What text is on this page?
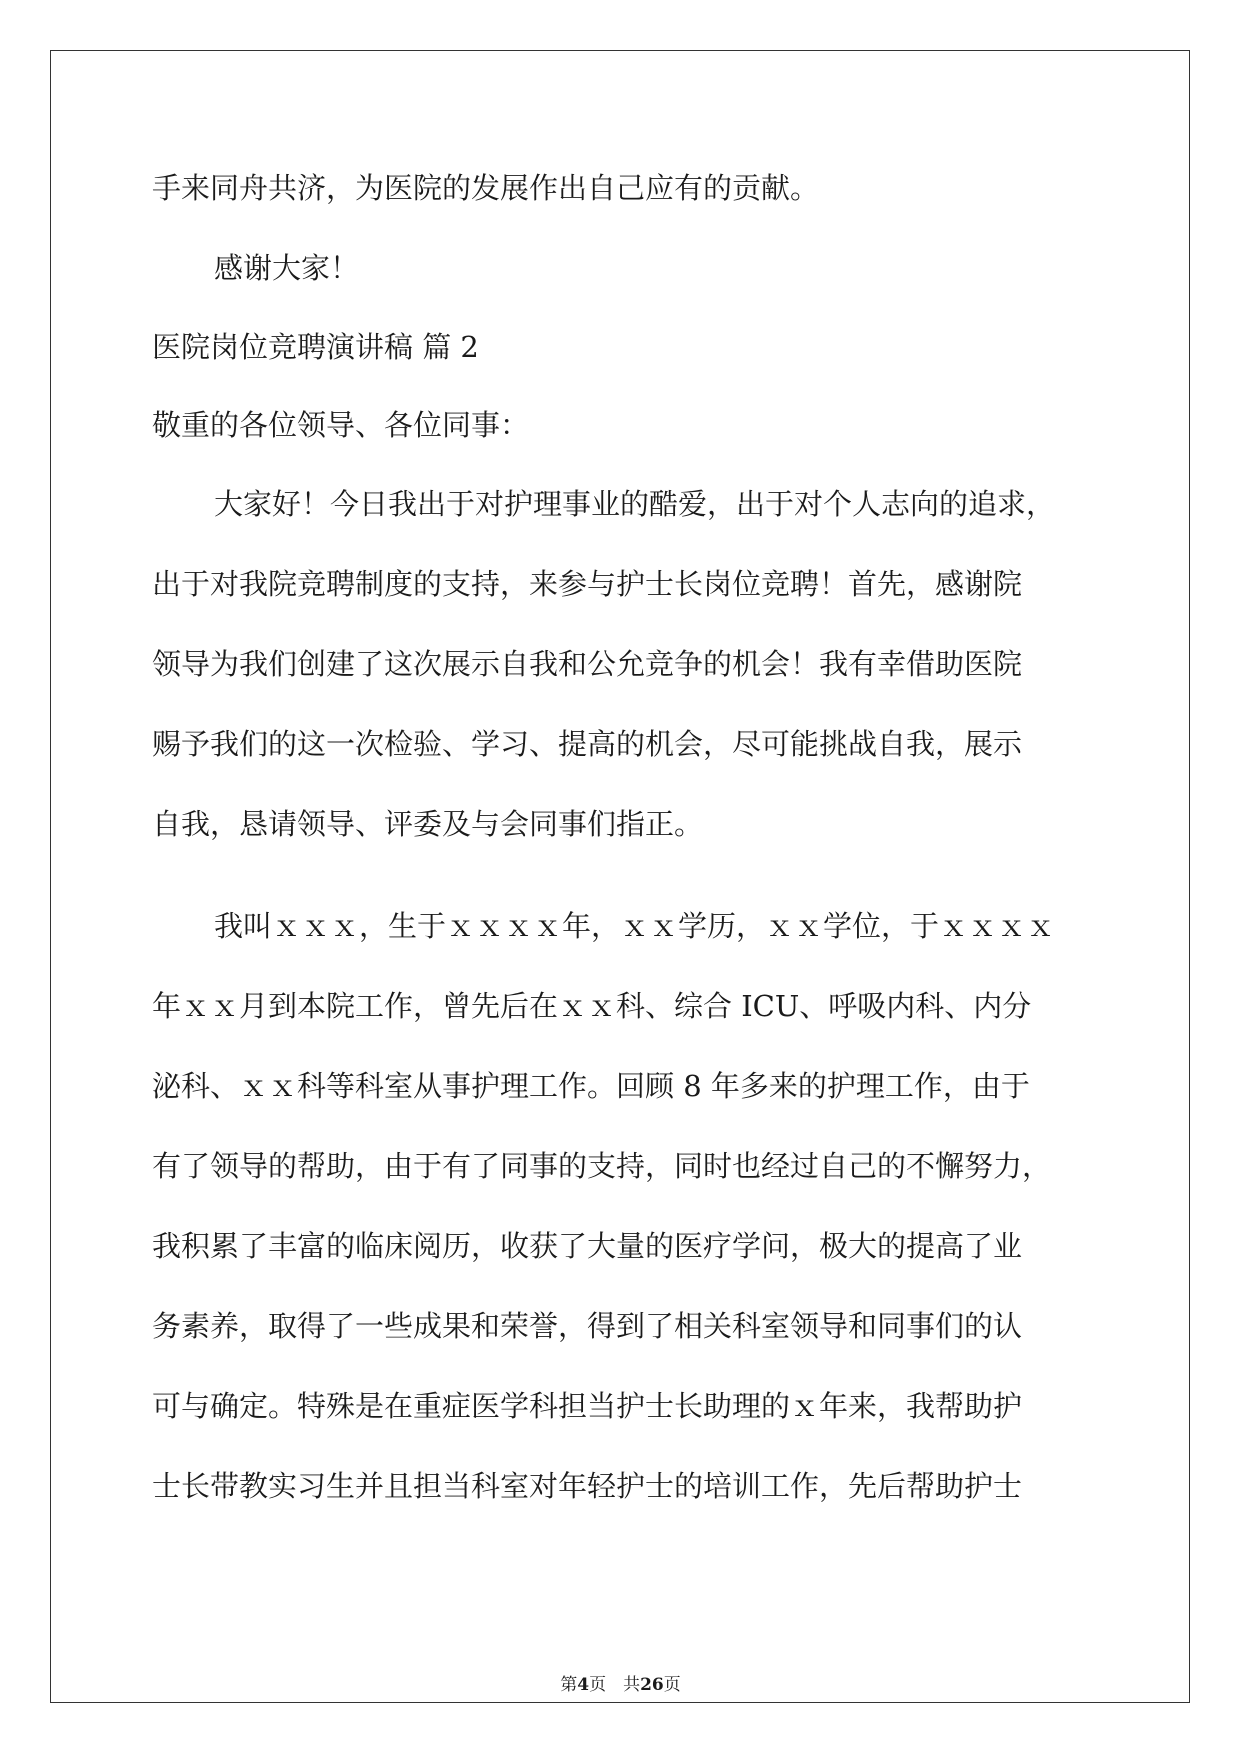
手来同舟共济，为医院的发展作出自己应有的贡献。
感谢大家！
医院岗位竞聘演讲稿 篇 2
敬重的各位领导、各位同事：
大家好！今日我出于对护理事业的酷爱，出于对个人志向的追求，
出于对我院竞聘制度的支持，来参与护士长岗位竞聘！首先，感谢院
领导为我们创建了这次展示自我和公允竞争的机会！我有幸借助医院
赐予我们的这一次检验、学习、提高的机会，尽可能挑战自我，展示
自我，恳请领导、评委及与会同事们指正。
我叫ｘｘｘ，生于ｘｘｘｘ年，ｘｘ学历，ｘｘ学位，于ｘｘｘｘ
年ｘｘ月到本院工作，曾先后在ｘｘ科、综合 ICU、呼吸内科、内分
泌科、ｘｘ科等科室从事护理工作。回顾 8 年多来的护理工作，由于
有了领导的帮助，由于有了同事的支持，同时也经过自己的不懈努力，
我积累了丰富的临床阅历，收获了大量的医疗学问，极大的提高了业
务素养，取得了一些成果和荣誉，得到了相关科室领导和同事们的认
可与确定。特殊是在重症医学科担当护士长助理的ｘ年来，我帮助护
士长带教实习生并且担当科室对年轻护士的培训工作，先后帮助护士
第4页　共26页
